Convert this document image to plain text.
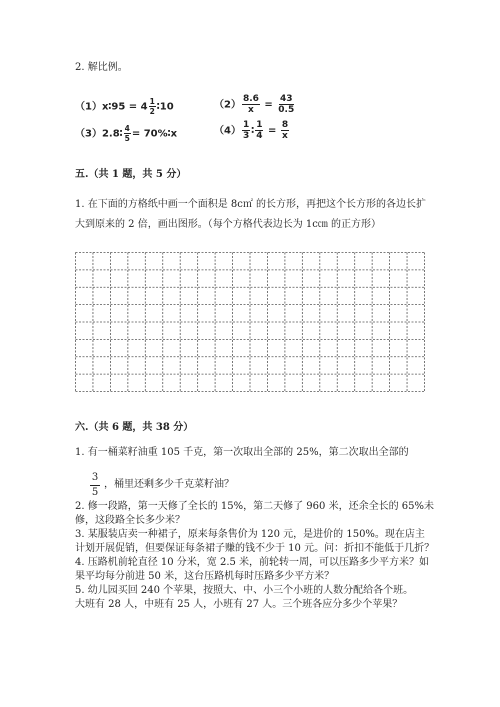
2. 解比例。
（1）x∶95 = $4 \frac{1}{2}$ ∶10	$(2) \frac{8.6}{x} = \frac{43}{0.5}$
（3）2.8∶ $\frac{4}{5}$ = 70%∶x	$(4) \frac{1}{3}$ ∶ $\frac{1}{4} = \frac{8}{x}$
五.（共 1 题，共 5 分）
1. 在下面的方格纸中画一个面积是 8c㎡ 的长方形，再把这个长方形的各边长扩
大到原来的 2 倍，画出图形。（每个方格代表边长为 1c㎝ 的正方形）
六.（共 6 题，共 38 分）
1. 有一桶菜籽油重 105 千克，第一次取出全部的 25%，第二次取出全部的
3
5
，桶里还剩多少千克菜籽油？
2. 修一段路，第一天修了全长的 15%，第二天修了 960 米，还余全长的 65%未
修，这段路全长多少米？
3. 某服装店卖一种裙子，原来每条售价为 120 元，是进价的 150%。现在店主
计划开展促销，但要保证每条裙子赚的钱不少于 10 元。问：折扣不能低于几折？
4. 压路机前轮直径 10 分米，宽 2.5 米，前轮转一周，可以压路多少平方米？如
果平均每分前进 50 米，这台压路机每时压路多少平方米？
5. 幼儿园买回 240 个苹果，按照大、中、小三个小班的人数分配给各个班。
大班有 28 人，中班有 25 人，小班有 27 人。三个班各应分多少个苹果？
